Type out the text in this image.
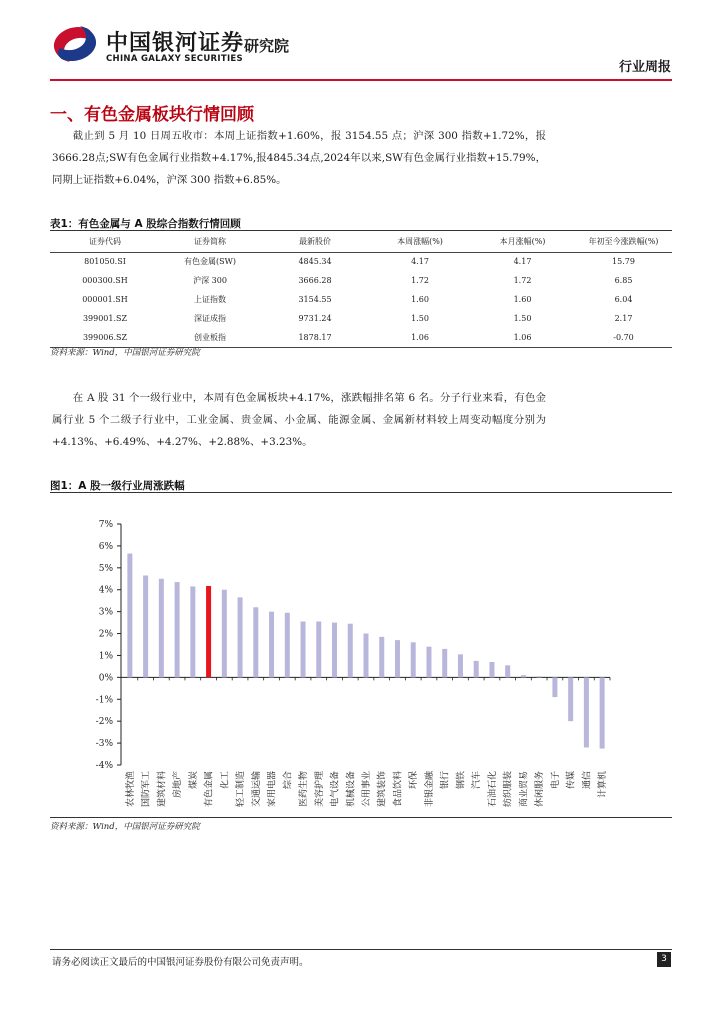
中国银河证券
CHINA GALAXY SECURITIES
研究院
行业周报
一、有色金属板块行情回顾

截止到 5 月 10 日周五收市：本周上证指数+1.60%，报 3154.55 点；沪深 300 指数+1.72%，报 3666.28点;SW有色金属行业指数+4.17%,报4845.34点,2024年以来,SW有色金属行业指数+15.79%，同期上证指数+6.04%，沪深 300 指数+6.85%。

表1：有色金属与 A 股综合指数行情回顾
证券代码	证券简称	最新股价	本周涨幅(%)	本月涨幅(%)	年初至今涨跌幅(%)
801050.SI	有色金属(SW)	4845.34	4.17	4.17	15.79
000300.SH	沪深 300	3666.28	1.72	1.72	6.85
000001.SH	上证指数	3154.55	1.60	1.60	6.04
399001.SZ	深证成指	9731.24	1.50	1.50	2.17
399006.SZ	创业板指	1878.17	1.06	1.06	-0.70
资料来源：Wind，中国银河证券研究院

在 A 股 31 个一级行业中，本周有色金属板块+4.17%，涨跌幅排名第 6 名。分子行业来看，有色金属行业 5 个二级子行业中，工业金属、贵金属、小金属、能源金属、金属新材料较上周变动幅度分别为+4.13%、+6.49%、+4.27%、+2.88%、+3.23%。

图1：A 股一级行业周涨跌幅
-4%
-3%
-2%
-1%
0%
1%
2%
3%
4%
5%
6%
7%
农林牧渔 国防军工 建筑材料 房地产 煤炭 有色金属 化工 轻工制造 交通运输 家用电器 综合 医药生物 美容护理 电气设备 机械设备 公用事业 建筑装饰 食品饮料 环保 非银金融 银行 钢铁 汽车 石油石化 纺织服装 商业贸易 休闲服务 电子 传媒 通信 计算机
资料来源：Wind，中国银河证券研究院
请务必阅读正文最后的中国银河证券股份有限公司免责声明。	3
